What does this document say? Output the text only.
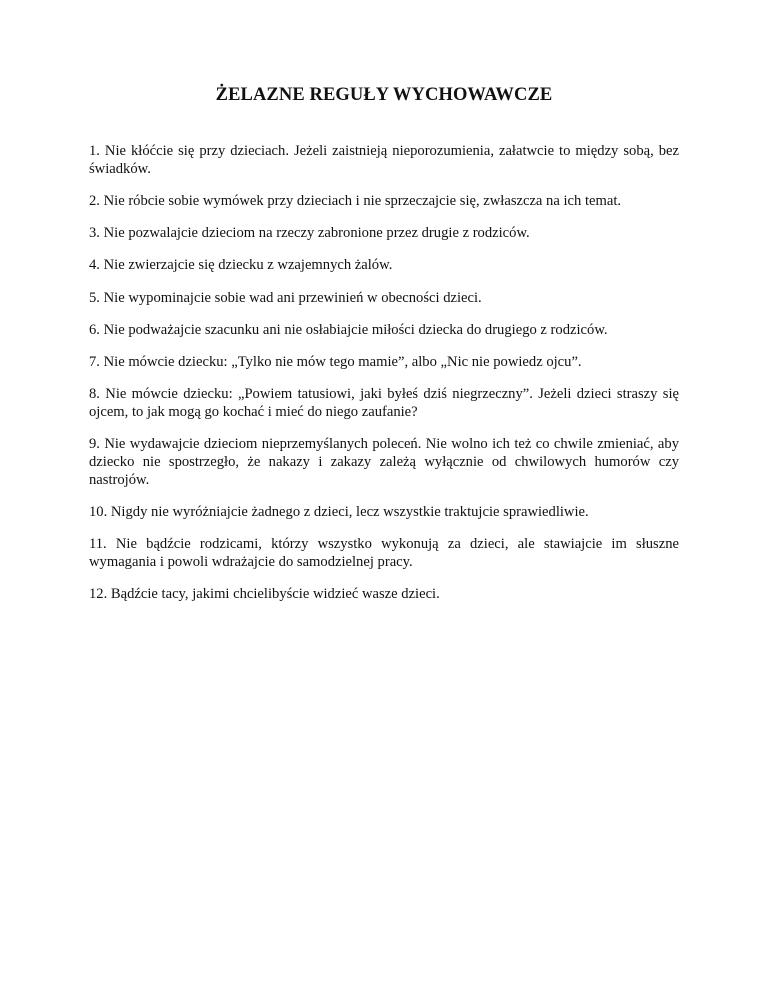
ŻELAZNE REGUŁY WYCHOWAWCZE
1. Nie kłóćcie się przy dzieciach. Jeżeli zaistnieją nieporozumienia, załatwcie to między sobą, bez świadków.
2. Nie róbcie sobie wymówek przy dzieciach i nie sprzeczajcie się, zwłaszcza na ich temat.
3. Nie pozwalajcie dzieciom na rzeczy zabronione przez drugie z rodziców.
4. Nie zwierzajcie się dziecku z wzajemnych żalów.
5. Nie wypominajcie sobie wad ani przewinień w obecności dzieci.
6. Nie podważajcie szacunku ani nie osłabiajcie miłości dziecka do drugiego z rodziców.
7. Nie mówcie dziecku: „Tylko nie mów tego mamie”, albo „Nic nie powiedz ojcu”.
8. Nie mówcie dziecku: „Powiem tatusiowi, jaki byłeś dziś niegrzeczny”. Jeżeli dzieci straszy się ojcem, to jak mogą go kochać i mieć do niego zaufanie?
9. Nie wydawajcie dzieciom nieprzemyślanych poleceń. Nie wolno ich też co chwile zmieniać, aby dziecko nie spostrzegło, że nakazy i zakazy zależą wyłącznie od chwilowych humorów czy nastrojów.
10. Nigdy nie wyróżniajcie żadnego z dzieci, lecz wszystkie traktujcie sprawiedliwie.
11. Nie bądźcie rodzicami, którzy wszystko wykonują za dzieci, ale stawiajcie im słuszne wymagania i powoli wdrażajcie do samodzielnej pracy.
12. Bądźcie tacy, jakimi chcielibyście widzieć wasze dzieci.
